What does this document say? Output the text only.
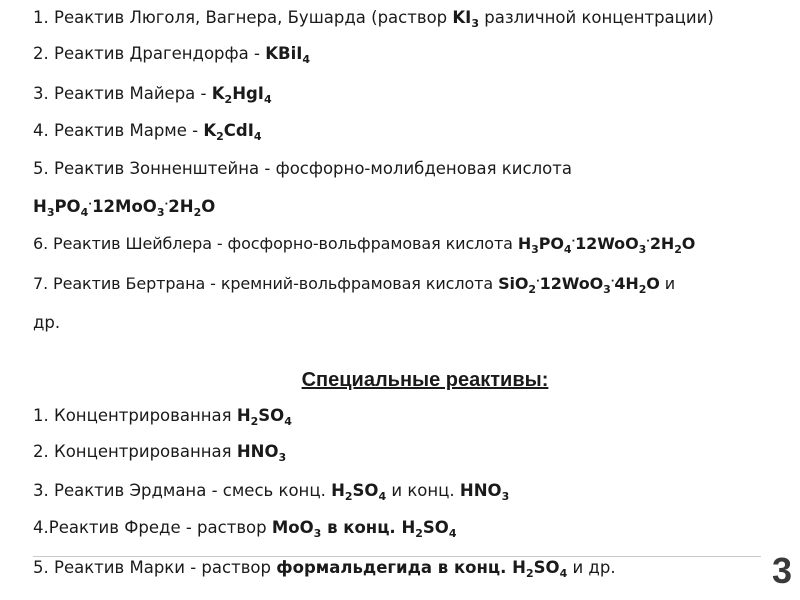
1. Реактив Люголя, Вагнера, Бушарда (раствор $KI_3$ различной концентрации)
2. Реактив Драгендорфа - KBiI$_4$
3. Реактив Майера - $K_2HgI_4$
4. Реактив Марме - $K_2CdI_4$
5. Реактив Зонненштейна - фосфорно-молибденовая кислота
$H_3PO_4^\cdot 12MoO_3^\cdot 2H_2O$
6. Реактив Шейблера - фосфорно-вольфрамовая кислота $H_3PO_4^\cdot 12WoO_3^\cdot 2H_2O$
7. Реактив Бертрана - кремний-вольфрамовая кислота $SiO_2^\cdot 12WoO_3^\cdot 4H_2O$ и
др.
Специальные реактивы:
1. Концентрированная $H_2SO_4$
2. Концентрированная $HNO_3$
3. Реактив Эрдмана - смесь конц. $H_2SO_4$ и конц. $HNO_3$
4.Реактив Фреде - раствор MoO$_3$ в конц. $H_2SO_4$
5. Реактив Марки - раствор формальдегида в конц. $H_2SO_4$ и др.	3
